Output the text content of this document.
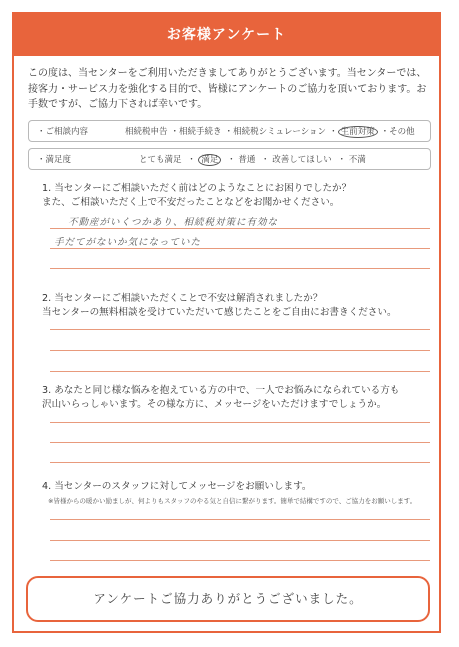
お客様アンケート
この度は、当センターをご利用いただきましてありがとうございます。当センターでは、接客力・サービス力を強化する目的で、皆様にアンケートのご協力を頂いております。お手数ですが、ご協力下されば幸いです。
・ご相談内容	相続税申告 ・相続手続き ・相続税シミュレーション ・ 生前対策 ・その他
・満足度	とても満足 ・ 満足 ・ 普通 ・ 改善してほしい ・ 不満
1. 当センターにご相談いただく前はどのようなことにお困りでしたか？
また、ご相談いただく上で不安だったことなどをお聞かせください。
不動産がいくつかあり、相続税対策に有効な
手だてがないか気になっていた
2. 当センターにご相談いただくことで不安は解消されましたか？
当センターの無料相談を受けていただいて感じたことをご自由にお書きください。
3. あなたと同じ様な悩みを抱えている方の中で、一人でお悩みになられている方も
沢山いらっしゃいます。その様な方に、メッセージをいただけますでしょうか。
4. 当センターのスタッフに対してメッセージをお願いします。
※皆様からの暖かい励ましが、何よりもスタッフのやる気と自信に繋がります。簡単で結構ですので、ご協力をお願いします。
アンケートご協力ありがとうございました。
